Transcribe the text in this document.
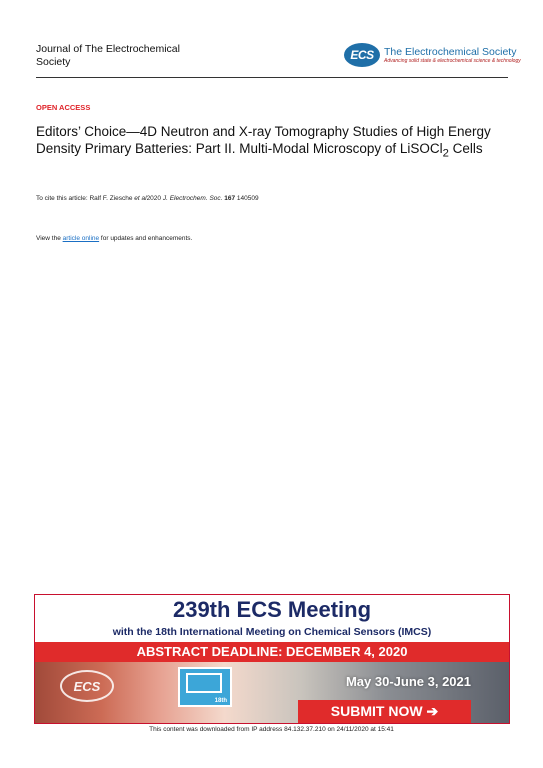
Journal of The Electrochemical Society	ECS The Electrochemical Society
Advancing solid state & electrochemical science & technology
OPEN ACCESS
Editors’ Choice—4D Neutron and X-ray Tomography Studies of High Energy Density Primary Batteries: Part II. Multi-Modal Microscopy of LiSOCl$_2$ Cells
To cite this article: Ralf F. Ziesche et al2020 J. Electrochem. Soc. 167 140509
View the article online for updates and enhancements.
239th ECS Meeting
with the 18th International Meeting on Chemical Sensors (IMCS)
ABSTRACT DEADLINE: DECEMBER 4, 2020
ECS
18th
May 30-June 3, 2021
SUBMIT NOW ➔
This content was downloaded from IP address 84.132.37.210 on 24/11/2020 at 15:41
